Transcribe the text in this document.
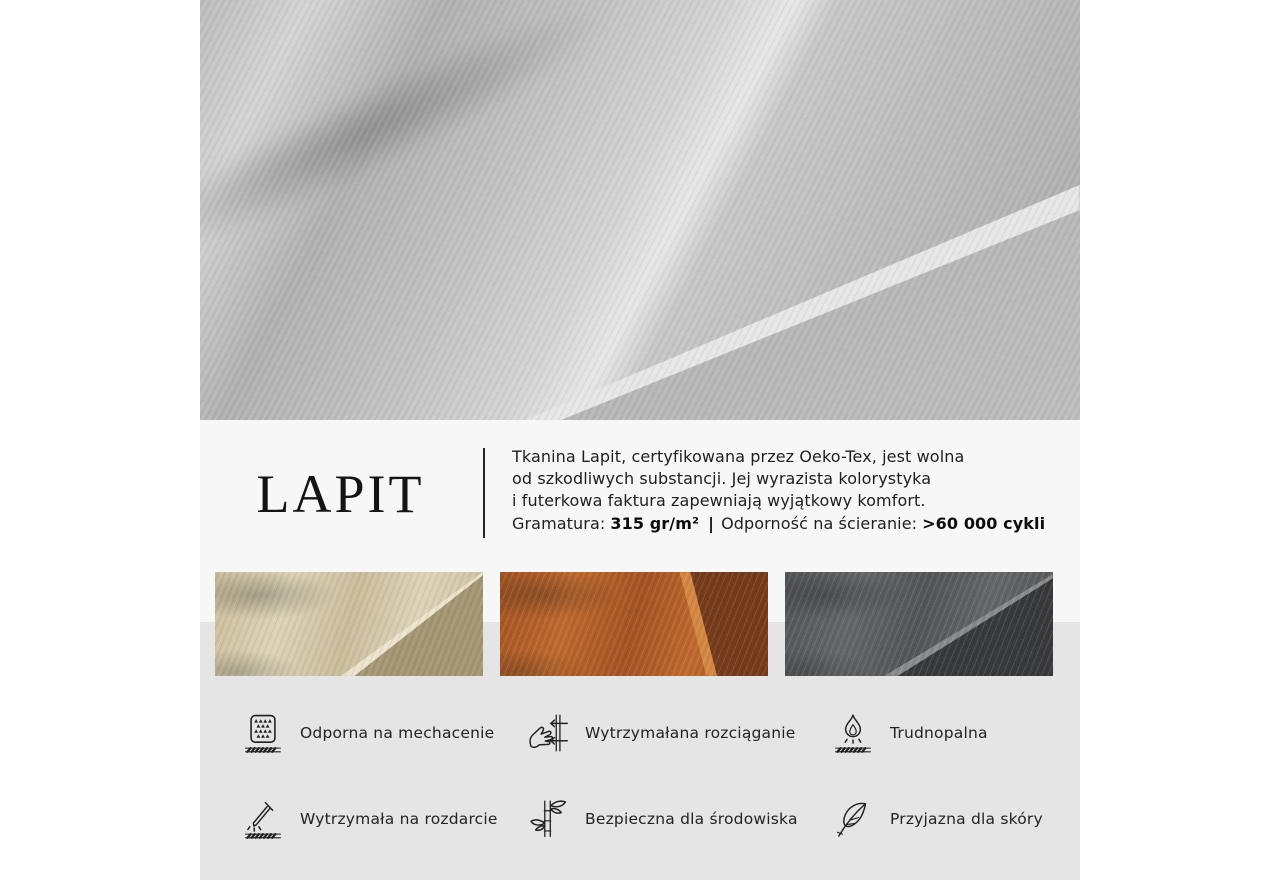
LAPIT

Tkanina Lapit, certyfikowana przez Oeko-Tex, jest wolna

od szkodliwych substancji. Jej wyrazista kolorystyka

i futerkowa faktura zapewniają wyjątkowy komfort.

Gramatura: 315 gr/m² | Odporność na ścieranie: >60 000 cykli

Odporna na mechacenie	Wytrzymałana rozciąganie	Trudnopalna
Wytrzymała na rozdarcie	Bezpieczna dla środowiska	Przyjazna dla skóry
